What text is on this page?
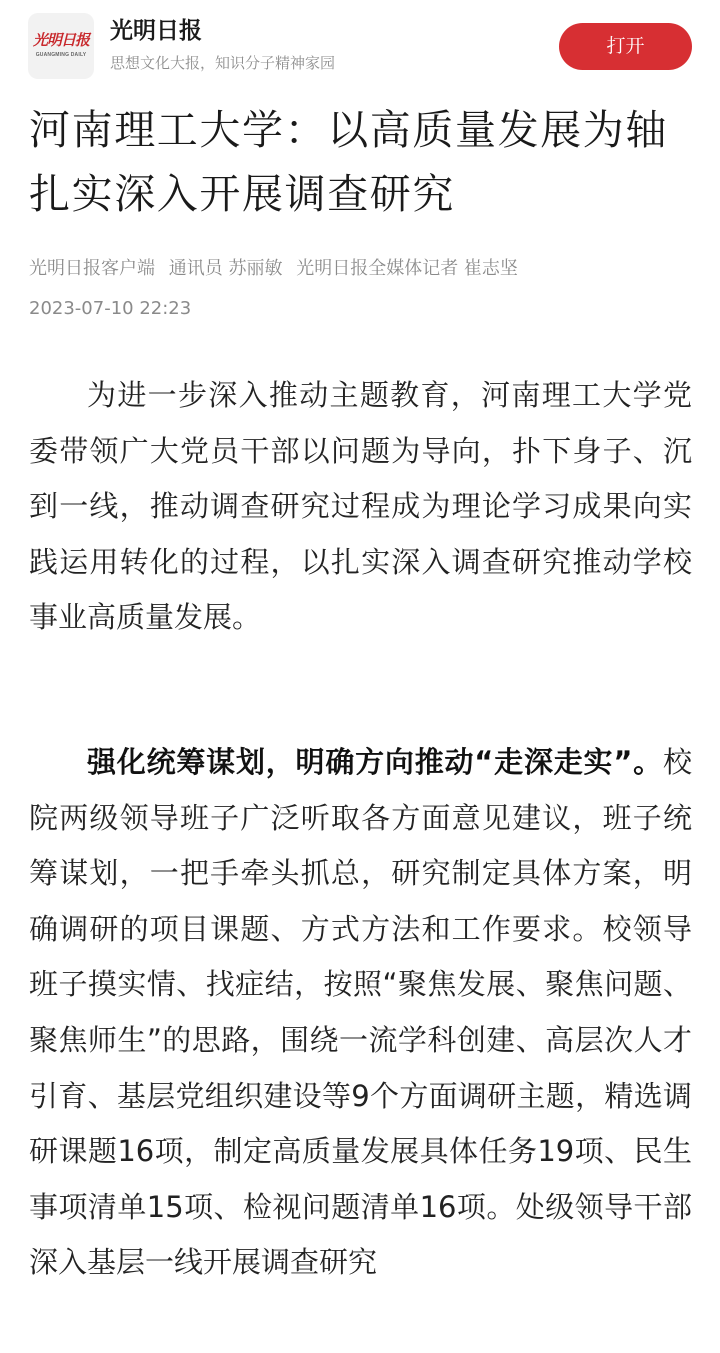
光明日报
GUANGMING DAILY
光明日报
思想文化大报，知识分子精神家园
打开
河南理工大学：以高质量发展为轴扎实深入开展调查研究
光明日报客户端 通讯员 苏丽敏 光明日报全媒体记者 崔志坚
2023-07-10 22:23

为进一步深入推动主题教育，河南理工大学党委带领广大党员干部以问题为导向，扑下身子、沉到一线，推动调查研究过程成为理论学习成果向实践运用转化的过程，以扎实深入调查研究推动学校事业高质量发展。

强化统筹谋划，明确方向推动“走深走实”。校院两级领导班子广泛听取各方面意见建议，班子统筹谋划，一把手牵头抓总，研究制定具体方案，明确调研的项目课题、方式方法和工作要求。校领导班子摸实情、找症结，按照“聚焦发展、聚焦问题、聚焦师生”的思路，围绕一流学科创建、高层次人才引育、基层党组织建设等9个方面调研主题，精选调研课题16项，制定高质量发展具体任务19项、民生事项清单15项、检视问题清单16项。处级领导干部深入基层一线开展调查研究
